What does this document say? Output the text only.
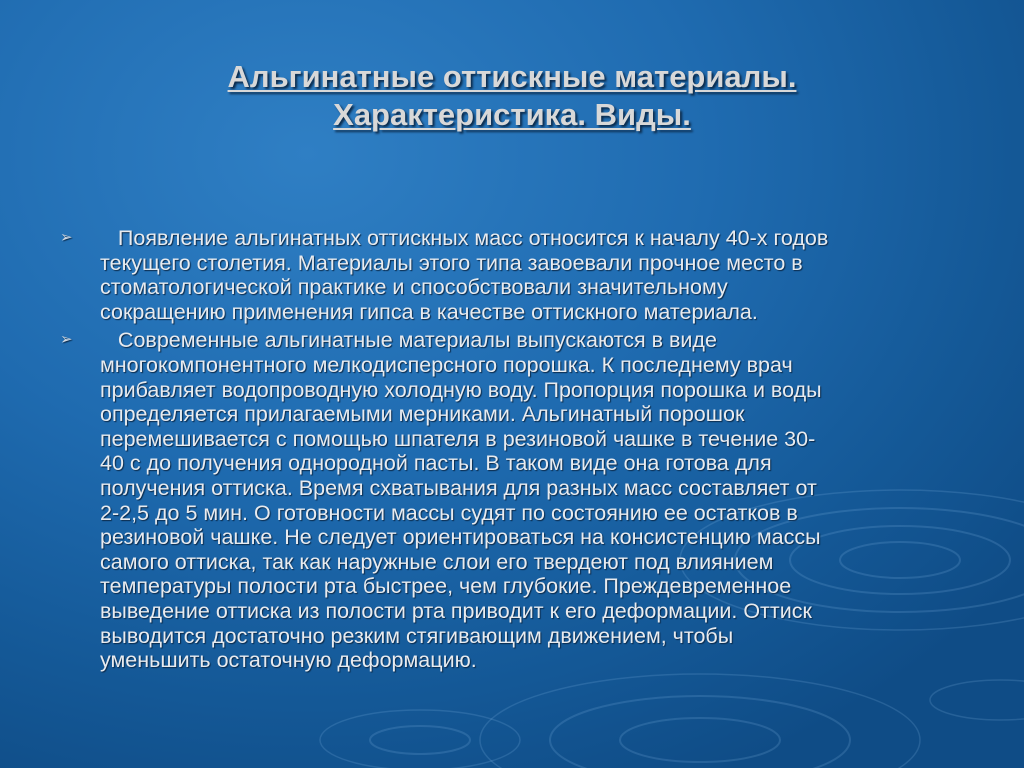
Альгинатные оттискные материалы.
Характеристика. Виды.
➢ Появление альгинатных оттискных масс относится к началу 40-х годов
текущего столетия. Материалы этого типа завоевали прочное место в
стоматологической практике и способствовали значительному
сокращению применения гипса в качестве оттискного материала.
➢ Современные альгинатные материалы выпускаются в виде
многокомпонентного мелкодисперсного порошка. К последнему врач
прибавляет водопроводную холодную воду. Пропорция порошка и воды
определяется прилагаемыми мерниками. Альгинатный порошок
перемешивается с помощью шпателя в резиновой чашке в течение 30-
40 с до получения однородной пасты. В таком виде она готова для
получения оттиска. Время схватывания для разных масс составляет от
2-2,5 до 5 мин. О готовности массы судят по состоянию ее остатков в
резиновой чашке. Не следует ориентироваться на консистенцию массы
самого оттиска, так как наружные слои его твердеют под влиянием
температуры полости рта быстрее, чем глубокие. Преждевременное
выведение оттиска из полости рта приводит к его деформации. Оттиск
выводится достаточно резким стягивающим движением, чтобы
уменьшить остаточную деформацию.
